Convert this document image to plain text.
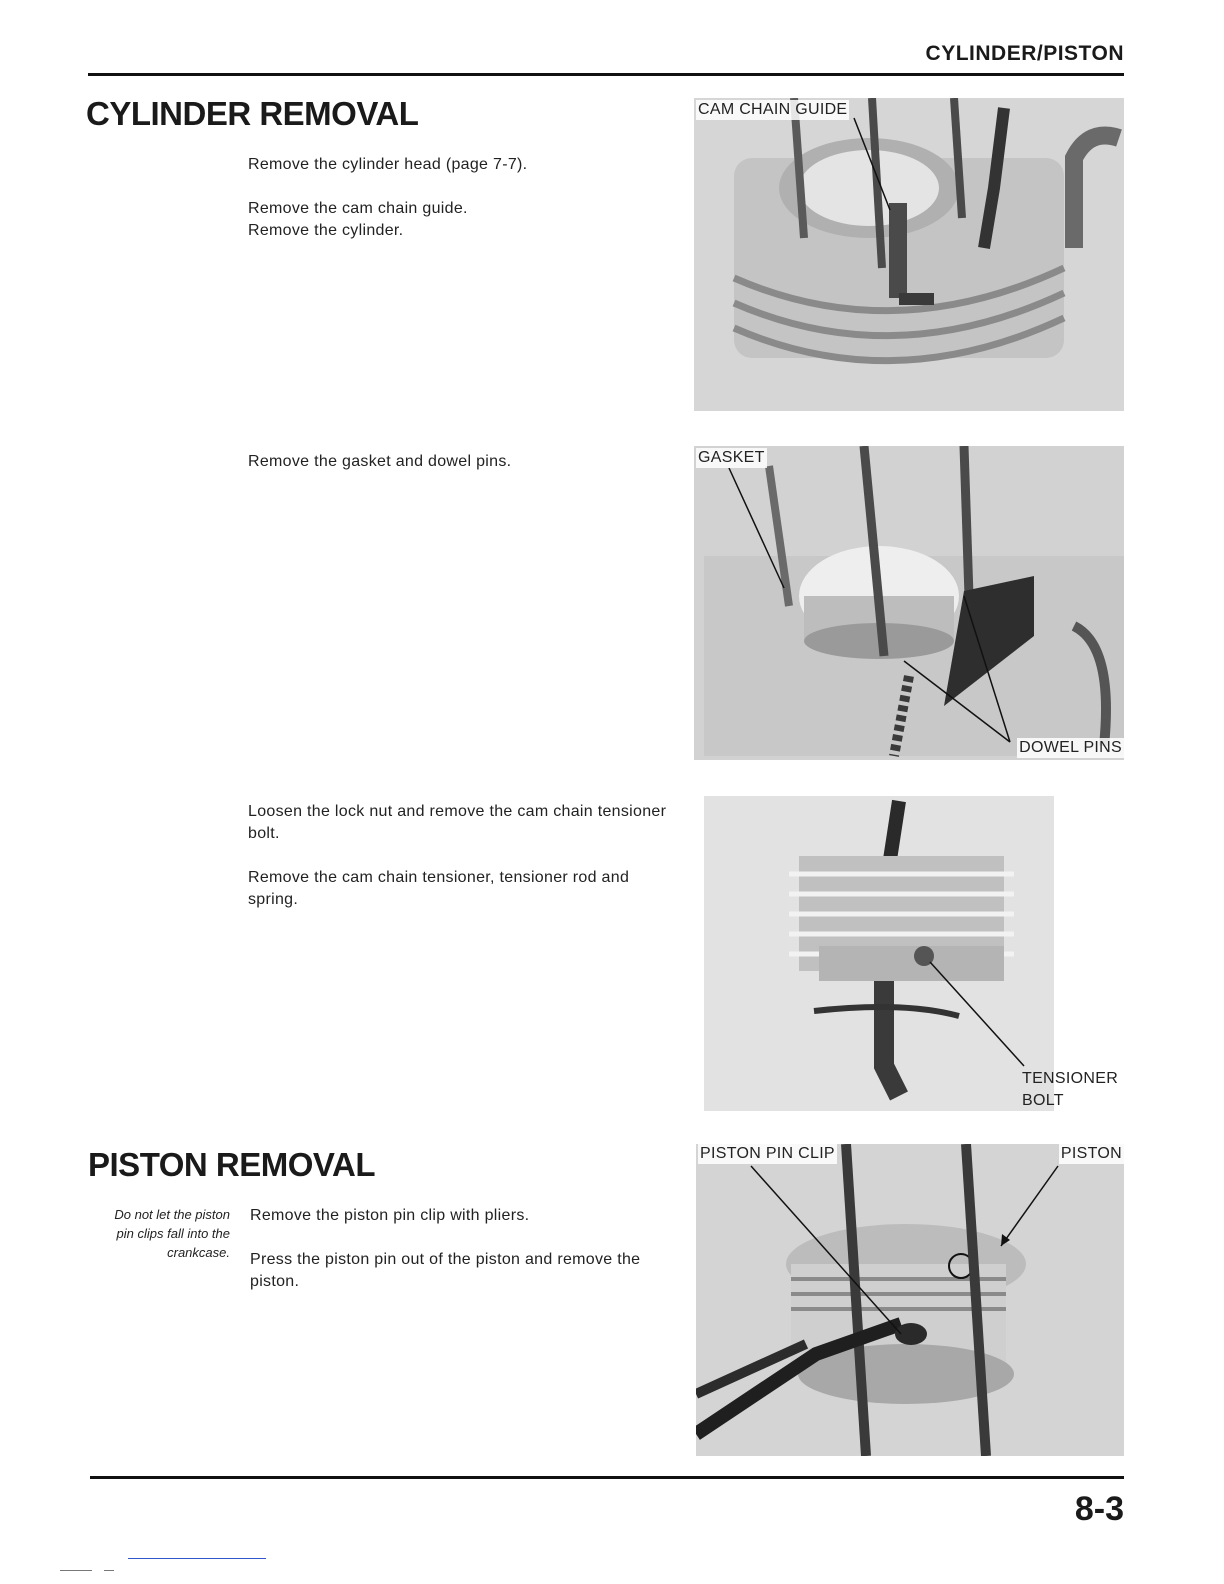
CYLINDER/PISTON
CYLINDER REMOVAL
Remove the cylinder head (page 7-7).
Remove the cam chain guide.
Remove the cylinder.
CAM CHAIN GUIDE
Remove the gasket and dowel pins.	GASKET
DOWEL PINS
Loosen the lock nut and remove the cam chain tensioner bolt.
Remove the cam chain tensioner, tensioner rod and spring.
TENSIONER
BOLT
PISTON REMOVAL
Do not let the piston
pin clips fall into the
crankcase.
Remove the piston pin clip with pliers.
Press the piston pin out of the piston and remove the piston.
PISTON PIN CLIP	PISTON
8-3
